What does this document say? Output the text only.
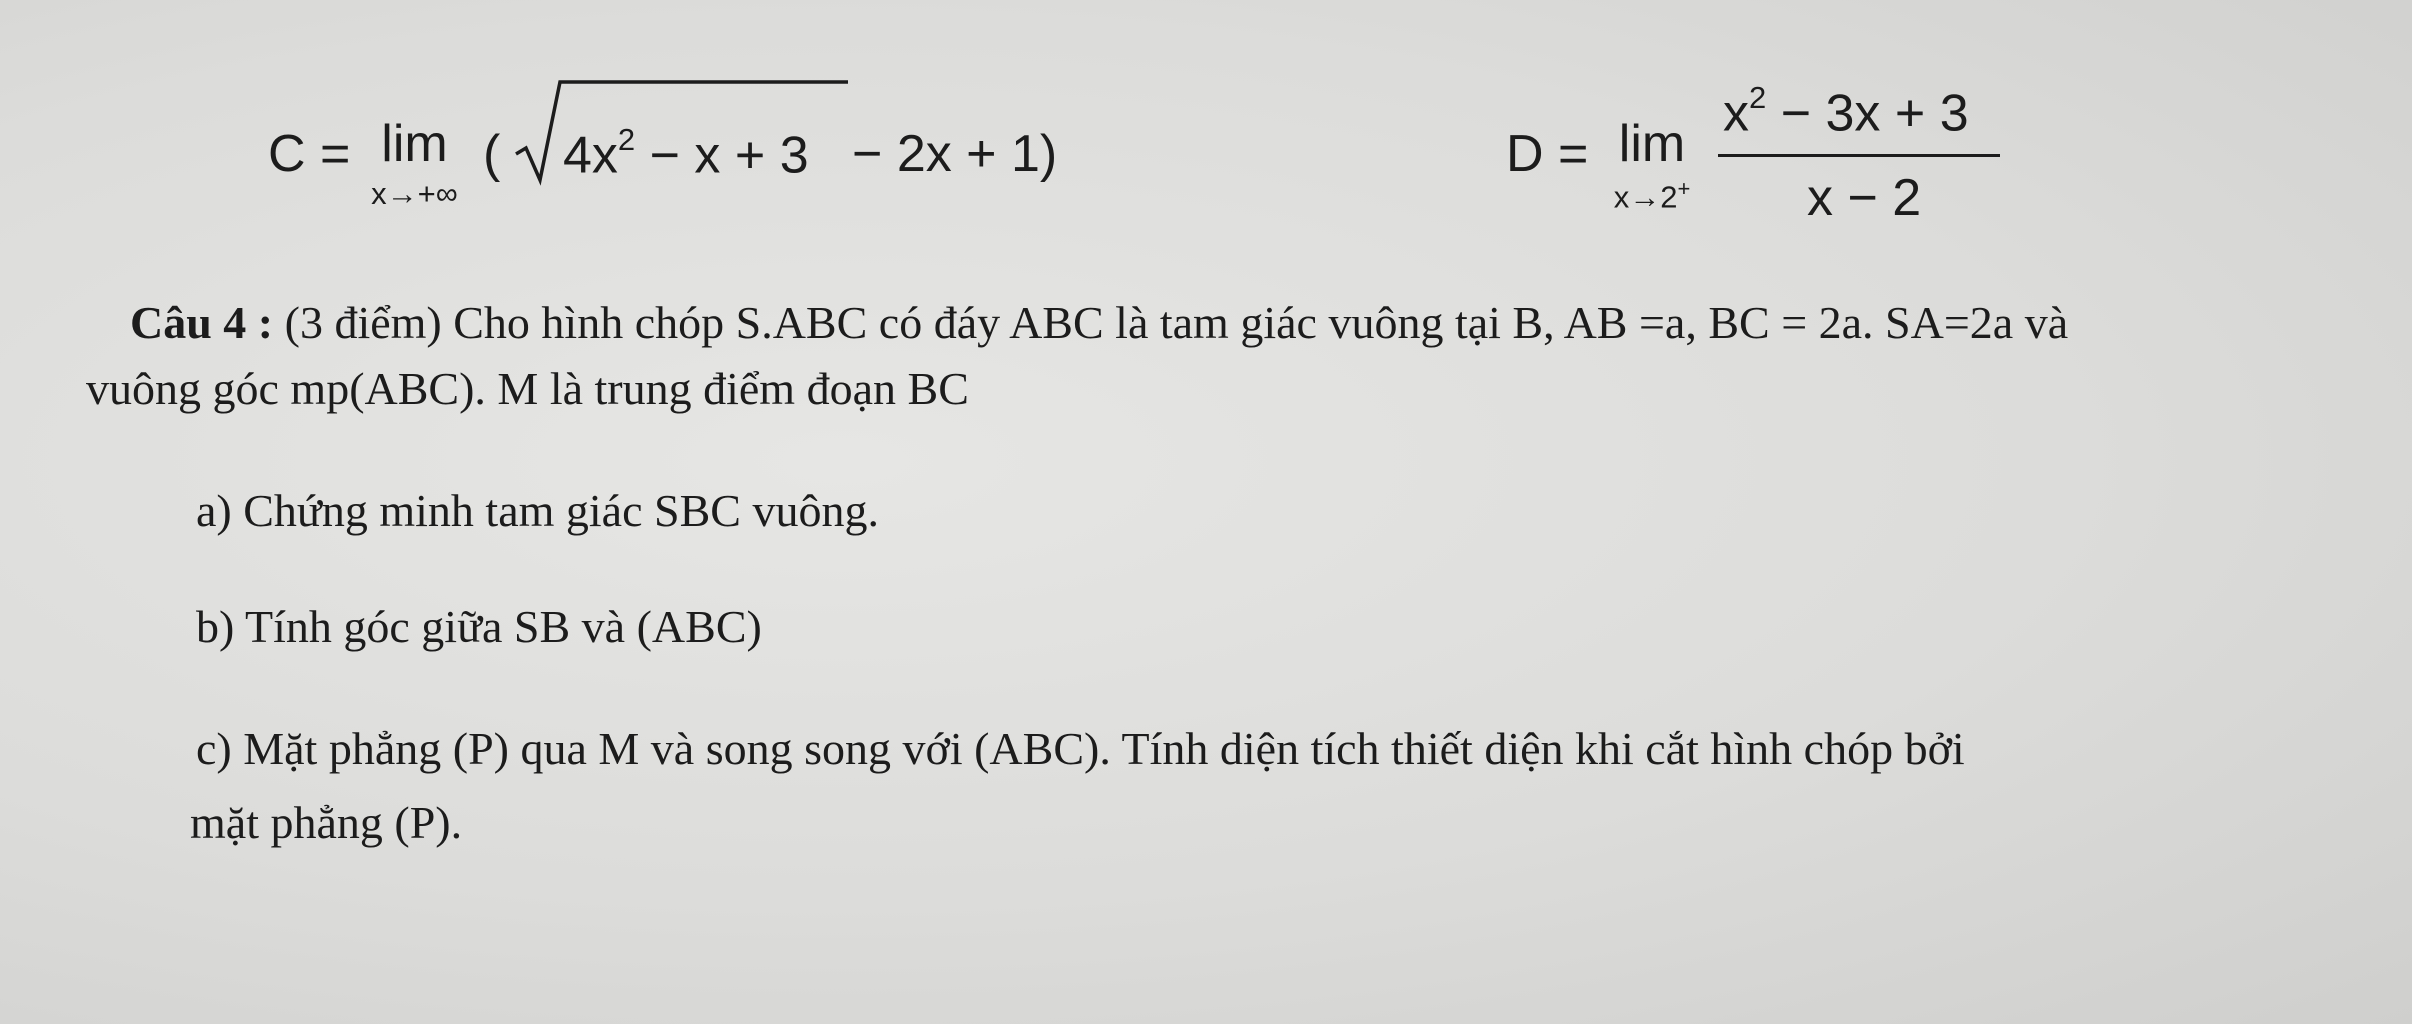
C = lim
x→+∞
( $4x^2 - x + 3 - 2x + 1$)	D = lim
x→2+
$x^2 - 3x + 3$
x − 2
Câu 4 : (3 điểm) Cho hình chóp S.ABC có đáy ABC là tam giác vuông tại B, AB =a, BC = 2a. SA=2a và
vuông góc mp(ABC). M là trung điểm đoạn BC
a) Chứng minh tam giác SBC vuông.
b) Tính góc giữa SB và (ABC)
c) Mặt phẳng (P) qua M và song song với (ABC). Tính diện tích thiết diện khi cắt hình chóp bởi
mặt phẳng (P).
